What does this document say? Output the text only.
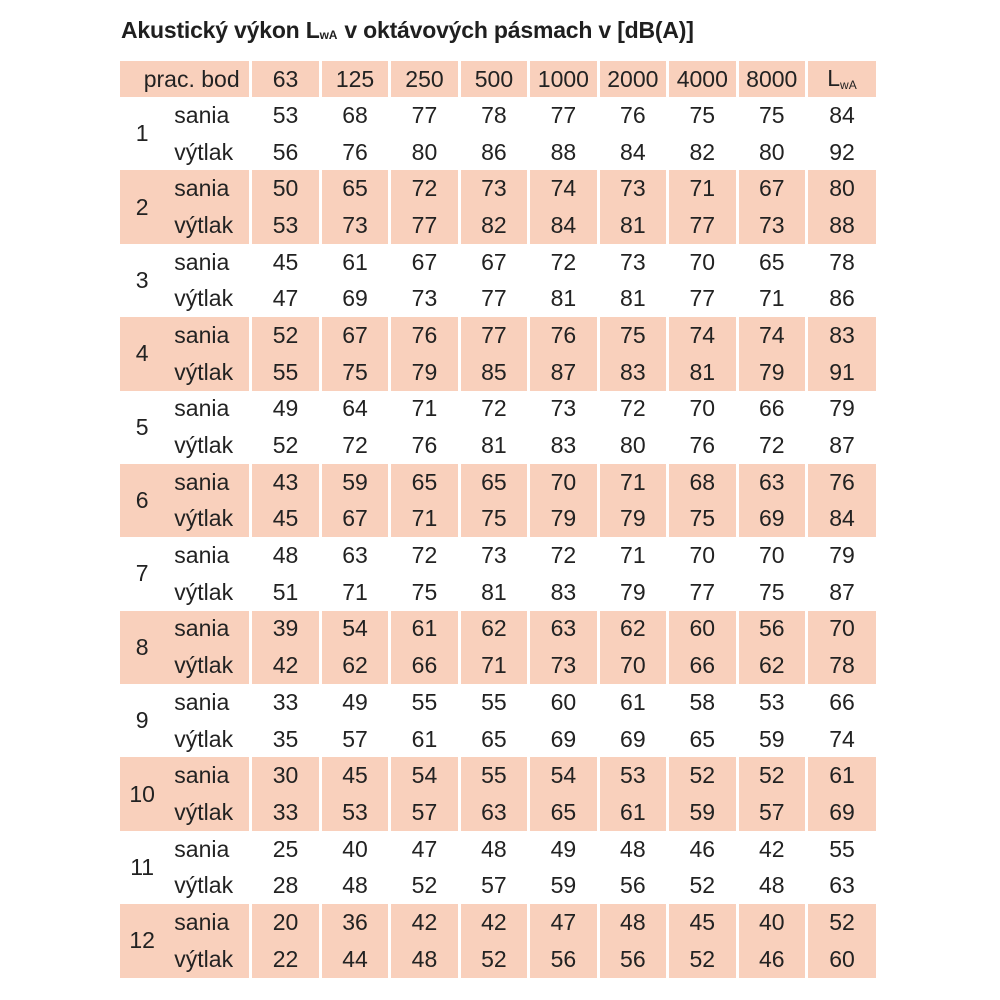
Akustický výkon LwA v oktávových pásmach v [dB(A)]
prac. bod		63	125	250	500	1000	2000	4000	8000	LwA
1	sania	53	68	77	78	77	76	75	75	84
	výtlak	56	76	80	86	88	84	82	80	92
2	sania	50	65	72	73	74	73	71	67	80
	výtlak	53	73	77	82	84	81	77	73	88
3	sania	45	61	67	67	72	73	70	65	78
	výtlak	47	69	73	77	81	81	77	71	86
4	sania	52	67	76	77	76	75	74	74	83
	výtlak	55	75	79	85	87	83	81	79	91
5	sania	49	64	71	72	73	72	70	66	79
	výtlak	52	72	76	81	83	80	76	72	87
6	sania	43	59	65	65	70	71	68	63	76
	výtlak	45	67	71	75	79	79	75	69	84
7	sania	48	63	72	73	72	71	70	70	79
	výtlak	51	71	75	81	83	79	77	75	87
8	sania	39	54	61	62	63	62	60	56	70
	výtlak	42	62	66	71	73	70	66	62	78
9	sania	33	49	55	55	60	61	58	53	66
	výtlak	35	57	61	65	69	69	65	59	74
10	sania	30	45	54	55	54	53	52	52	61
	výtlak	33	53	57	63	65	61	59	57	69
11	sania	25	40	47	48	49	48	46	42	55
	výtlak	28	48	52	57	59	56	52	48	63
12	sania	20	36	42	42	47	48	45	40	52
	výtlak	22	44	48	52	56	56	52	46	60
